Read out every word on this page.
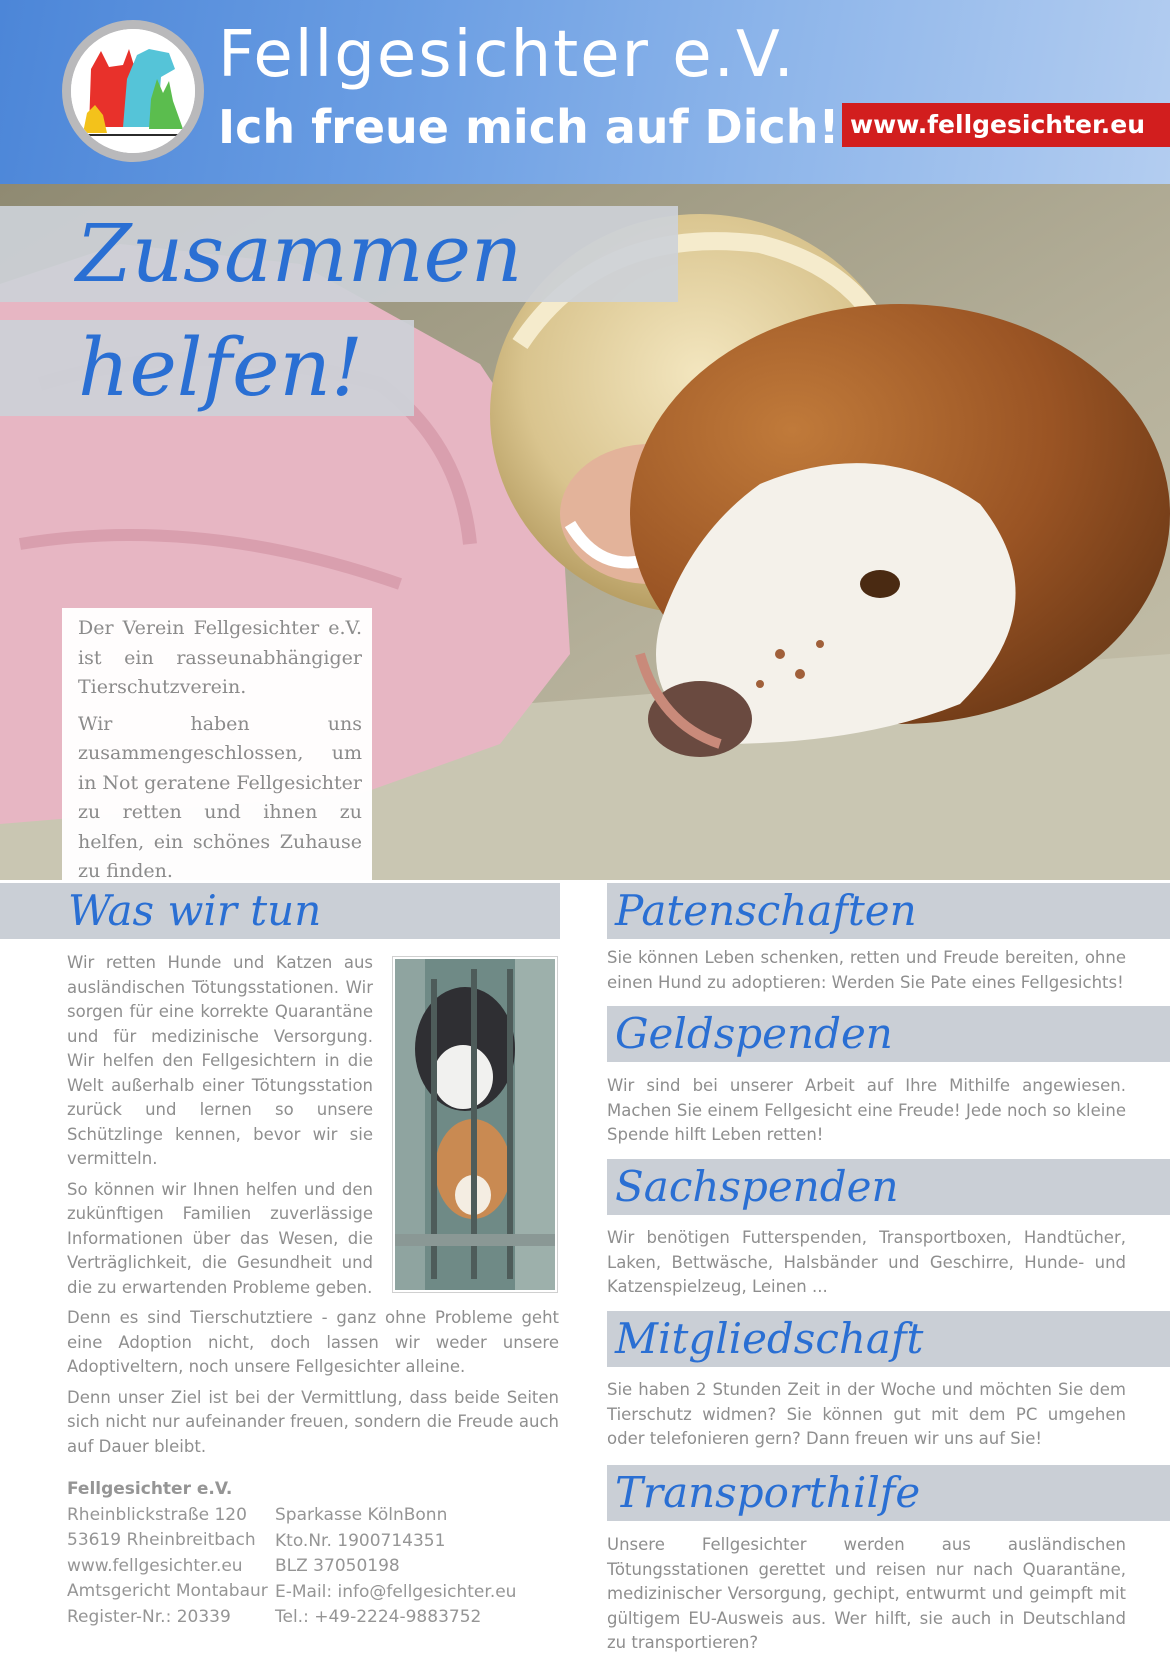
Fellgesichter e.V.
Ich freue mich auf Dich! www.fellgesichter.eu
Zusammen
helfen!

Der Verein Fellgesichter e.V. ist ein rasseunabhängiger Tierschutzverein.

Wir haben uns zusammengeschlossen, um in Not geratene Fellgesichter zu retten und ihnen zu helfen, ein schönes Zuhause zu finden.

Was wir tun

Wir retten Hunde und Katzen aus ausländischen Tötungsstationen. Wir sorgen für eine korrekte Quarantäne und für medizinische Versorgung. Wir helfen den Fellgesichtern in die Welt außerhalb einer Tötungsstation zurück und lernen so unsere Schützlinge kennen, bevor wir sie vermitteln.

So können wir Ihnen helfen und den zukünftigen Familien zuverlässige Informationen über das Wesen, die Verträglichkeit, die Gesundheit und die zu erwartenden Probleme geben.

Denn es sind Tierschutztiere - ganz ohne Probleme geht eine Adoption nicht, doch lassen wir weder unsere Adoptiveltern, noch unsere Fellgesichter alleine.

Denn unser Ziel ist bei der Vermittlung, dass beide Seiten sich nicht nur aufeinander freuen, sondern die Freude auch auf Dauer bleibt.

Fellgesichter e.V.
Rheinblickstraße 120
53619 Rheinbreitbach
www.fellgesichter.eu
Amtsgericht Montabaur
Register-Nr.: 20339
Sparkasse KölnBonn
Kto.Nr. 1900714351
BLZ 37050198
E-Mail: info@fellgesichter.eu
Tel.: +49-2224-9883752
Patenschaften
Sie können Leben schenken, retten und Freude bereiten, ohne einen Hund zu adoptieren: Werden Sie Pate eines Fellgesichts!
Geldspenden
Wir sind bei unserer Arbeit auf Ihre Mithilfe angewiesen. Machen Sie einem Fellgesicht eine Freude! Jede noch so kleine Spende hilft Leben retten!
Sachspenden
Wir benötigen Futterspenden, Transportboxen, Handtücher, Laken, Bettwäsche, Halsbänder und Geschirre, Hunde- und Katzenspielzeug, Leinen ...
Mitgliedschaft
Sie haben 2 Stunden Zeit in der Woche und möchten Sie dem Tierschutz widmen? Sie können gut mit dem PC umgehen oder telefonieren gern? Dann freuen wir uns auf Sie!
Transporthilfe
Unsere Fellgesichter werden aus ausländischen Tötungsstationen gerettet und reisen nur nach Quarantäne, medizinischer Versorgung, gechipt, entwurmt und geimpft mit gültigem EU-Ausweis aus. Wer hilft, sie auch in Deutschland zu transportieren?
